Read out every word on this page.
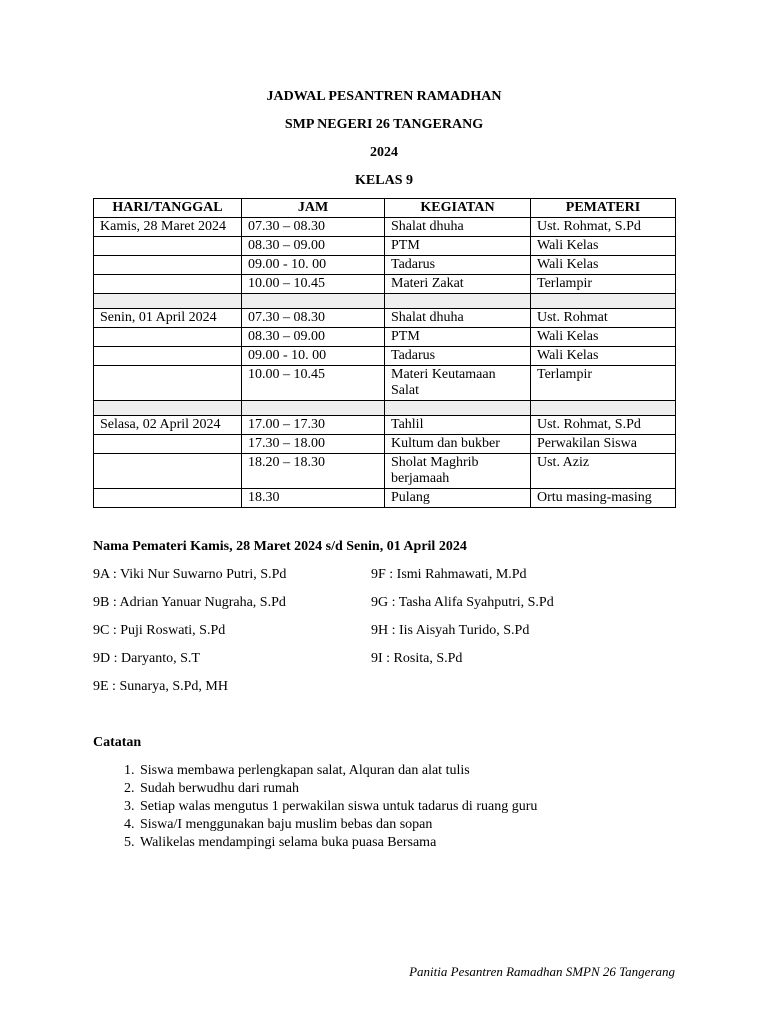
JADWAL PESANTREN RAMADHAN
SMP NEGERI 26 TANGERANG
2024
KELAS 9
HARI/TANGGAL	JAM	KEGIATAN	PEMATERI
Kamis, 28 Maret 2024	07.30 – 08.30	Shalat dhuha	Ust. Rohmat, S.Pd
	08.30 – 09.00	PTM	Wali Kelas
	09.00 - 10. 00	Tadarus	Wali Kelas
	10.00 – 10.45	Materi Zakat	Terlampir

Senin, 01 April 2024	07.30 – 08.30	Shalat dhuha	Ust. Rohmat
	08.30 – 09.00	PTM	Wali Kelas
	09.00 - 10. 00	Tadarus	Wali Kelas
	10.00 – 10.45	Materi Keutamaan Salat	Terlampir

Selasa, 02 April 2024	17.00 – 17.30	Tahlil	Ust. Rohmat, S.Pd
	17.30 – 18.00	Kultum dan bukber	Perwakilan Siswa
	18.20 – 18.30	Sholat Maghrib berjamaah	Ust. Aziz
	18.30	Pulang	Ortu masing-masing
Nama Pemateri Kamis, 28 Maret 2024 s/d Senin, 01 April 2024
9A : Viki Nur Suwarno Putri, S.Pd
9B : Adrian Yanuar Nugraha, S.Pd
9C : Puji Roswati, S.Pd
9D : Daryanto, S.T
9E : Sunarya, S.Pd, MH
9F : Ismi Rahmawati, M.Pd
9G : Tasha Alifa Syahputri, S.Pd
9H : Iis Aisyah Turido, S.Pd
9I : Rosita, S.Pd
Catatan
1. Siswa membawa perlengkapan salat, Alquran dan alat tulis
2. Sudah berwudhu dari rumah
3. Setiap walas mengutus 1 perwakilan siswa untuk tadarus di ruang guru
4. Siswa/I menggunakan baju muslim bebas dan sopan
5. Walikelas mendampingi selama buka puasa Bersama
Panitia Pesantren Ramadhan SMPN 26 Tangerang
